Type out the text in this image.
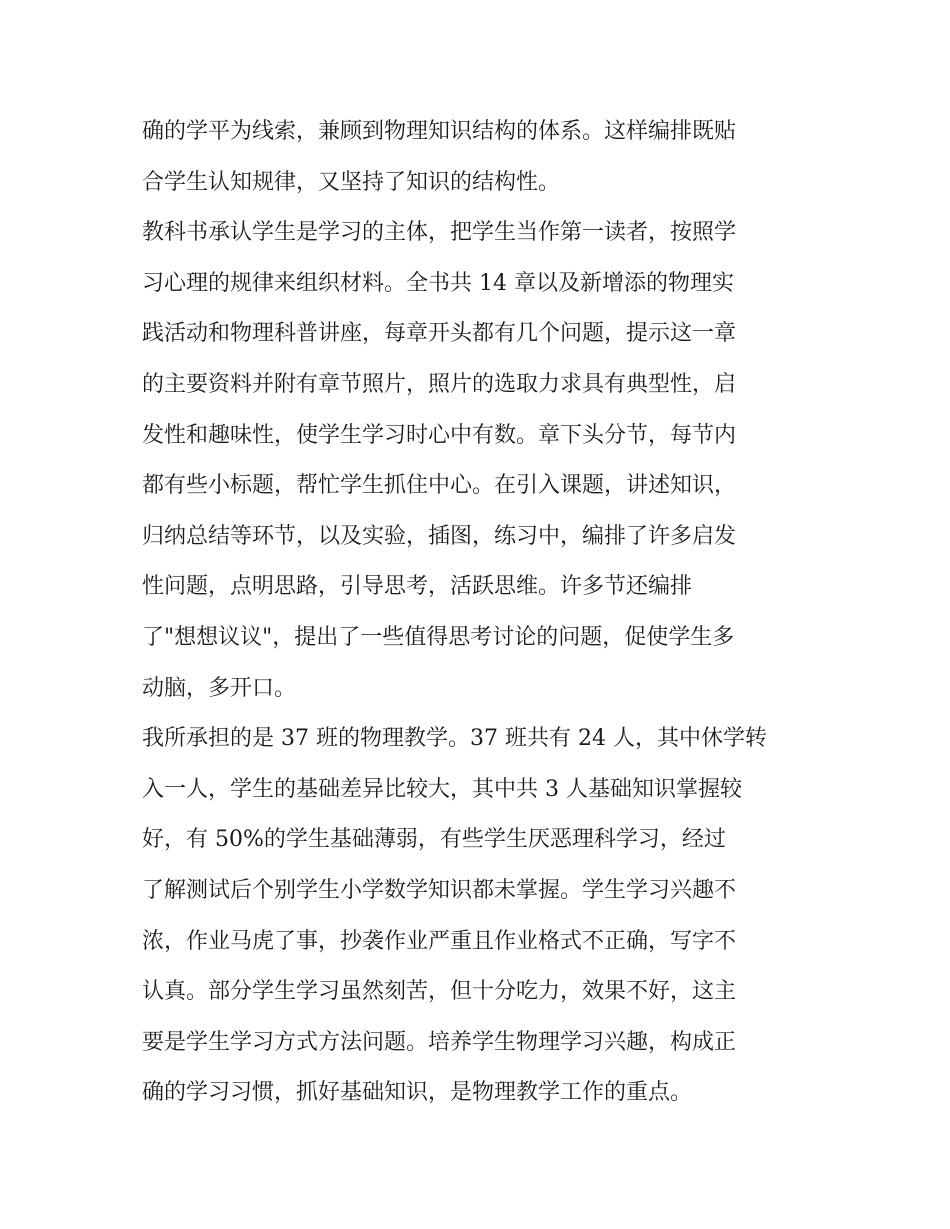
确的学平为线索，兼顾到物理知识结构的体系。这样编排既贴
合学生认知规律，又坚持了知识的结构性。
教科书承认学生是学习的主体，把学生当作第一读者，按照学
习心理的规律来组织材料。全书共 14 章以及新增添的物理实
践活动和物理科普讲座，每章开头都有几个问题，提示这一章
的主要资料并附有章节照片，照片的选取力求具有典型性，启
发性和趣味性，使学生学习时心中有数。章下头分节，每节内
都有些小标题，帮忙学生抓住中心。在引入课题，讲述知识，
归纳总结等环节，以及实验，插图，练习中，编排了许多启发
性问题，点明思路，引导思考，活跃思维。许多节还编排
了"想想议议"，提出了一些值得思考讨论的问题，促使学生多
动脑，多开口。
我所承担的是 37 班的物理教学。37 班共有 24 人，其中休学转
入一人，学生的基础差异比较大，其中共 3 人基础知识掌握较
好，有 50%的学生基础薄弱，有些学生厌恶理科学习，经过
了解测试后个别学生小学数学知识都未掌握。学生学习兴趣不
浓，作业马虎了事，抄袭作业严重且作业格式不正确，写字不
认真。部分学生学习虽然刻苦，但十分吃力，效果不好，这主
要是学生学习方式方法问题。培养学生物理学习兴趣，构成正
确的学习习惯，抓好基础知识，是物理教学工作的重点。
